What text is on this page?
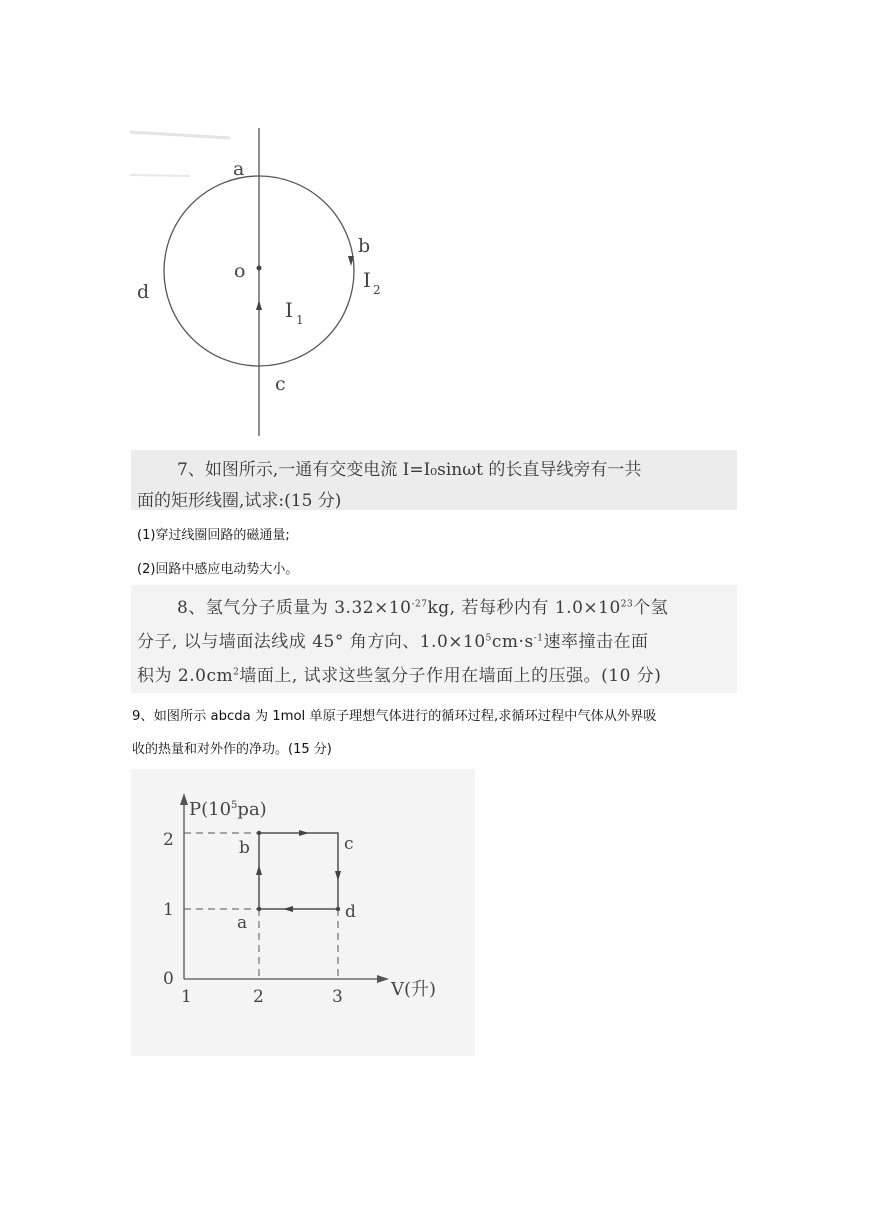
a
b
c
d
o
I 1
I 2
7、如图所示,一通有交变电流 I=I₀sinωt 的长直导线旁有一共
面的矩形线圈,试求:(15 分)
(1)穿过线圈回路的磁通量;
(2)回路中感应电动势大小。
8、氢气分子质量为 $3.32\times 10^{-27}kg$, 若每秒内有 $1.0\times 10^{23}$个氢
分子, 以与墙面法线成 45° 角方向、$1.0\times 10^5cm\cdot s^{-1}$速率撞击在面
积为 $2.0cm^2$墙面上, 试求这些氢分子作用在墙面上的压强。(10 分)
9、如图所示 abcda 为 1mol 单原子理想气体进行的循环过程,求循环过程中气体从外界吸
收的热量和对外作的净功。(15 分)
$P(10^5pa)$
V(升)
0
1
2
1	2	3
a
b	c
d
